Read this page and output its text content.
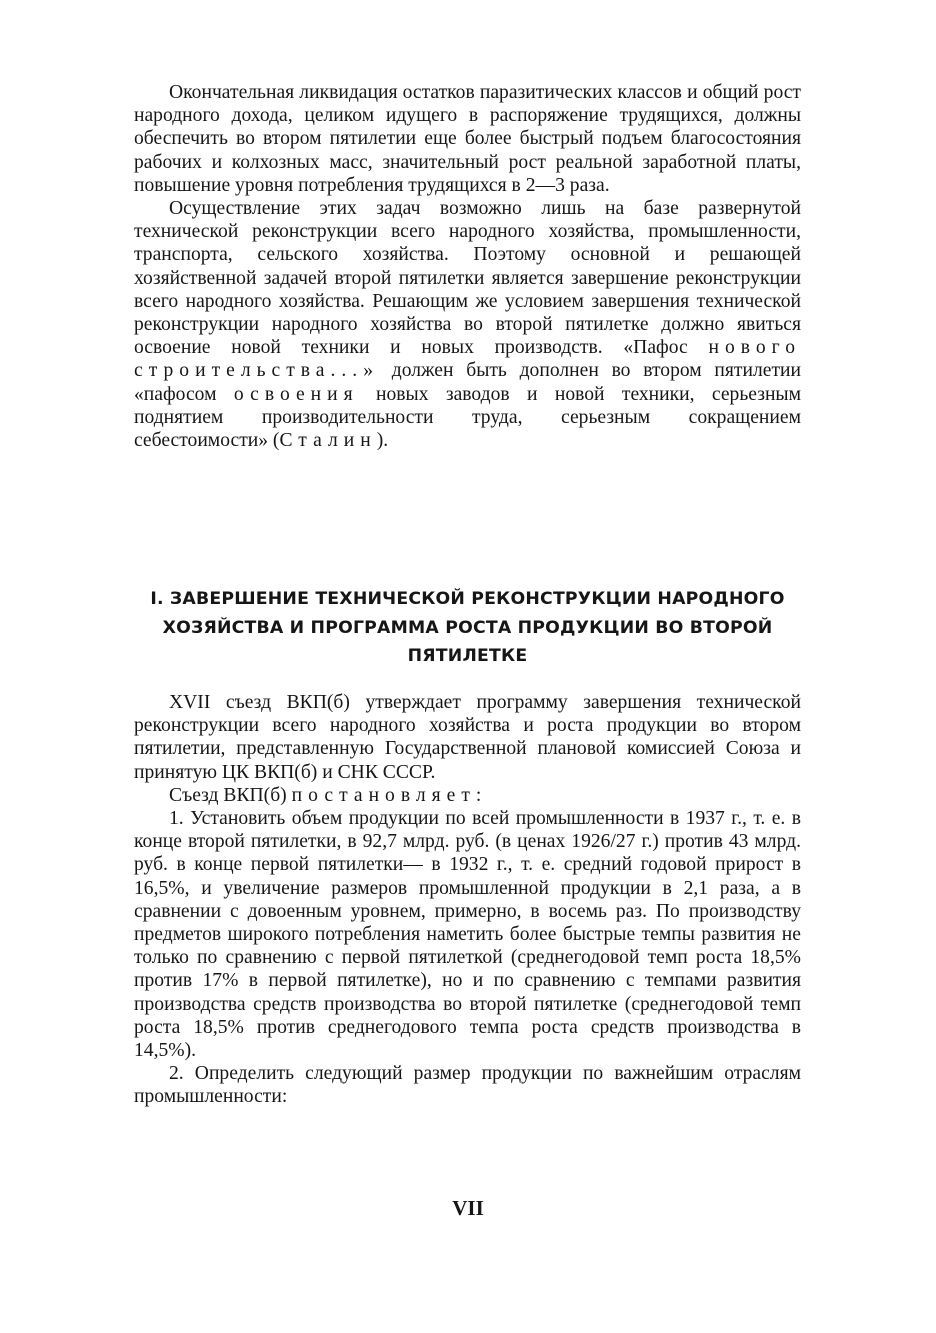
Окончательная ликвидация остатков паразитических классов и общий рост народного дохода, целиком идущего в распоряжение трудящихся, должны обеспечить во втором пятилетии еще более быстрый подъем благосостояния рабочих и колхозных масс, значительный рост реальной заработной платы, повышение уровня потребления трудящихся в 2—3 раза.

Осуществление этих задач возможно лишь на базе развернутой технической реконструкции всего народного хозяйства, промышленности, транспорта, сельского хозяйства. Поэтому основной и решающей хозяйственной задачей второй пятилетки является завершение реконструкции всего народного хозяйства. Решающим же условием завершения технической реконструкции народного хозяйства во второй пятилетке должно явиться освоение новой техники и новых производств. «Пафос нового строительства...» должен быть дополнен во втором пятилетии «пафосом освоения новых заводов и новой техники, серьезным поднятием производительности труда, серьезным сокращением себестоимости» (Сталин).

I. ЗАВЕРШЕНИЕ ТЕХНИЧЕСКОЙ РЕКОНСТРУКЦИИ НАРОДНОГО ХОЗЯЙСТВА И ПРОГРАММА РОСТА ПРОДУКЦИИ ВО ВТОРОЙ ПЯТИЛЕТКЕ

XVII съезд ВКП(б) утверждает программу завершения технической реконструкции всего народного хозяйства и роста продукции во втором пятилетии, представленную Государственной плановой комиссией Союза и принятую ЦК ВКП(б) и СНК СССР.

Съезд ВКП(б) постановляет:

1. Установить объем продукции по всей промышленности в 1937 г., т. е. в конце второй пятилетки, в 92,7 млрд. руб. (в ценах 1926/27 г.) против 43 млрд. руб. в конце первой пятилетки— в 1932 г., т. е. средний годовой прирост в 16,5%, и увеличение размеров промышленной продукции в 2,1 раза, а в сравнении с довоенным уровнем, примерно, в восемь раз. По производству предметов широкого потребления наметить более быстрые темпы развития не только по сравнению с первой пятилеткой (среднегодовой темп роста 18,5% против 17% в первой пятилетке), но и по сравнению с темпами развития производства средств производства во второй пятилетке (среднегодовой темп роста 18,5% против среднегодового темпа роста средств производства в 14,5%).

2. Определить следующий размер продукции по важнейшим отраслям промышленности:

VII
